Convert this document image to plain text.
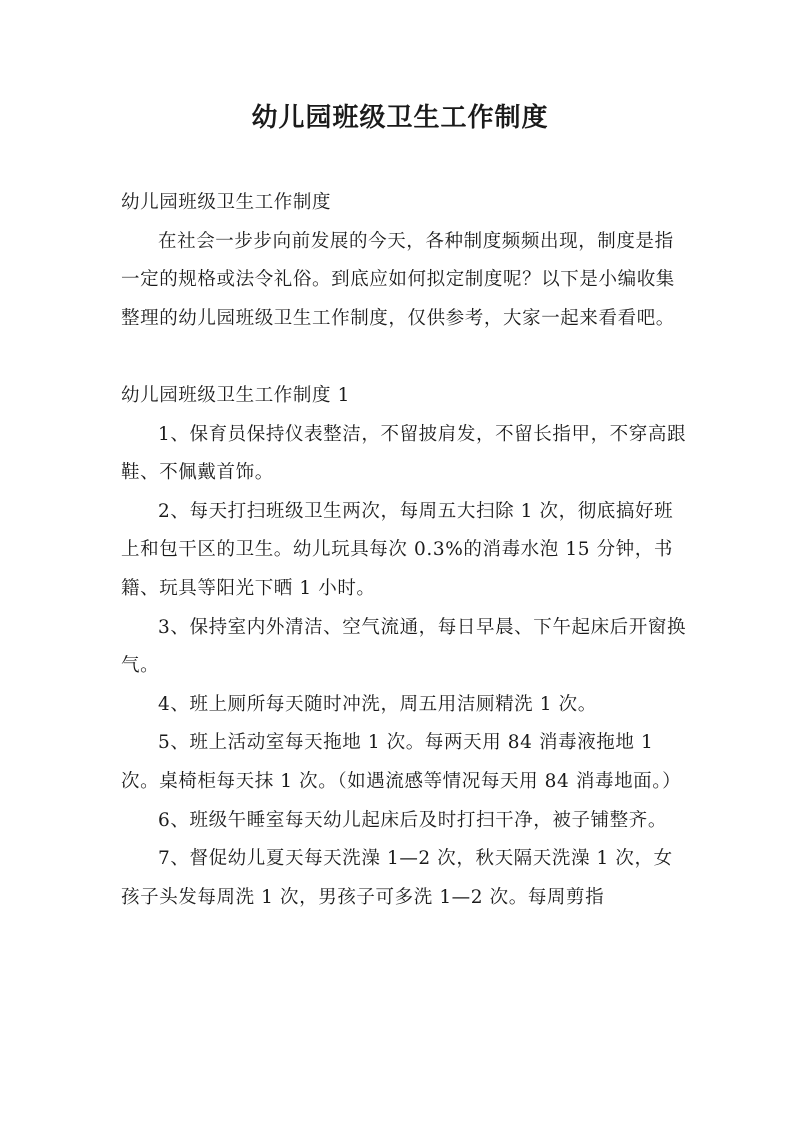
幼儿园班级卫生工作制度

幼儿园班级卫生工作制度

在社会一步步向前发展的今天，各种制度频频出现，制度是指一定的规格或法令礼俗。到底应如何拟定制度呢？以下是小编收集整理的幼儿园班级卫生工作制度，仅供参考，大家一起来看看吧。

幼儿园班级卫生工作制度 1

1、保育员保持仪表整洁，不留披肩发，不留长指甲，不穿高跟鞋、不佩戴首饰。

2、每天打扫班级卫生两次，每周五大扫除 1 次，彻底搞好班上和包干区的卫生。幼儿玩具每次 0.3%的消毒水泡 15 分钟，书籍、玩具等阳光下晒 1 小时。

3、保持室内外清洁、空气流通，每日早晨、下午起床后开窗换气。

4、班上厕所每天随时冲洗，周五用洁厕精洗 1 次。

5、班上活动室每天拖地 1 次。每两天用 84 消毒液拖地 1 次。桌椅柜每天抹 1 次。（如遇流感等情况每天用 84 消毒地面。）

6、班级午睡室每天幼儿起床后及时打扫干净，被子铺整齐。

7、督促幼儿夏天每天洗澡 1—2 次，秋天隔天洗澡 1 次，女孩子头发每周洗 1 次，男孩子可多洗 1—2 次。每周剪指
